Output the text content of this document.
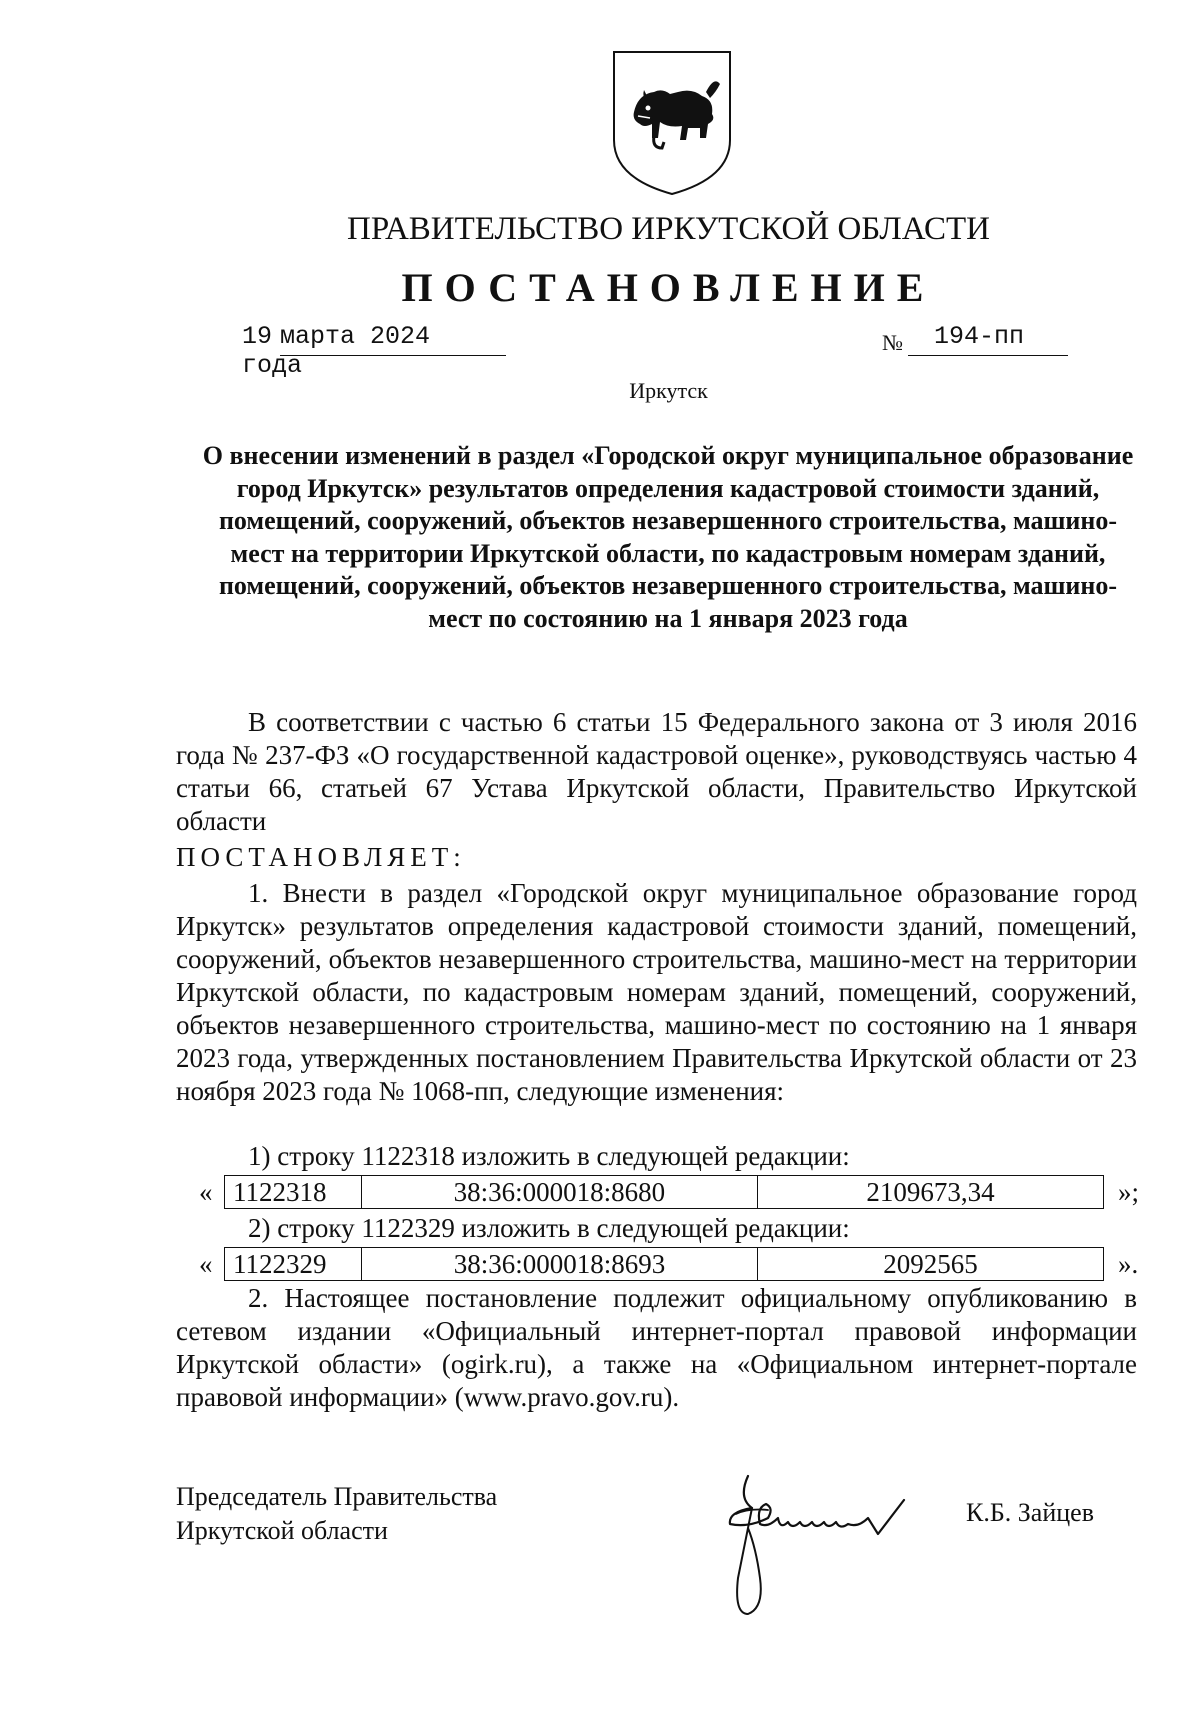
ПРАВИТЕЛЬСТВО ИРКУТСКОЙ ОБЛАСТИ
ПОСТАНОВЛЕНИЕ
19 марта 2024 года
№ 194-пп
Иркутск
О внесении изменений в раздел «Городской округ муниципальное образование город Иркутск» результатов определения кадастровой стоимости зданий, помещений, сооружений, объектов незавершенного строительства, машино-мест на территории Иркутской области, по кадастровым номерам зданий, помещений, сооружений, объектов незавершенного строительства, машино-мест по состоянию на 1 января 2023 года
В соответствии с частью 6 статьи 15 Федерального закона от 3 июля 2016 года № 237-ФЗ «О государственной кадастровой оценке», руководствуясь частью 4 статьи 66, статьей 67 Устава Иркутской области, Правительство Иркутской области
ПОСТАНОВЛЯЕТ:
1. Внести в раздел «Городской округ муниципальное образование город Иркутск» результатов определения кадастровой стоимости зданий, помещений, сооружений, объектов незавершенного строительства, машино-мест на территории Иркутской области, по кадастровым номерам зданий, помещений, сооружений, объектов незавершенного строительства, машино-мест по состоянию на 1 января 2023 года, утвержденных постановлением Правительства Иркутской области от 23 ноября 2023 года № 1068-пп, следующие изменения:
1) строку 1122318 изложить в следующей редакции:
« 1122318	38:36:000018:8680	2109673,34	»;
2) строку 1122329 изложить в следующей редакции:
« 1122329	38:36:000018:8693	2092565	».
2. Настоящее постановление подлежит официальному опубликованию в сетевом издании «Официальный интернет-портал правовой информации Иркутской области» (ogirk.ru), а также на «Официальном интернет-портале правовой информации» (www.pravo.gov.ru).
Председатель Правительства
Иркутской области
К.Б. Зайцев
